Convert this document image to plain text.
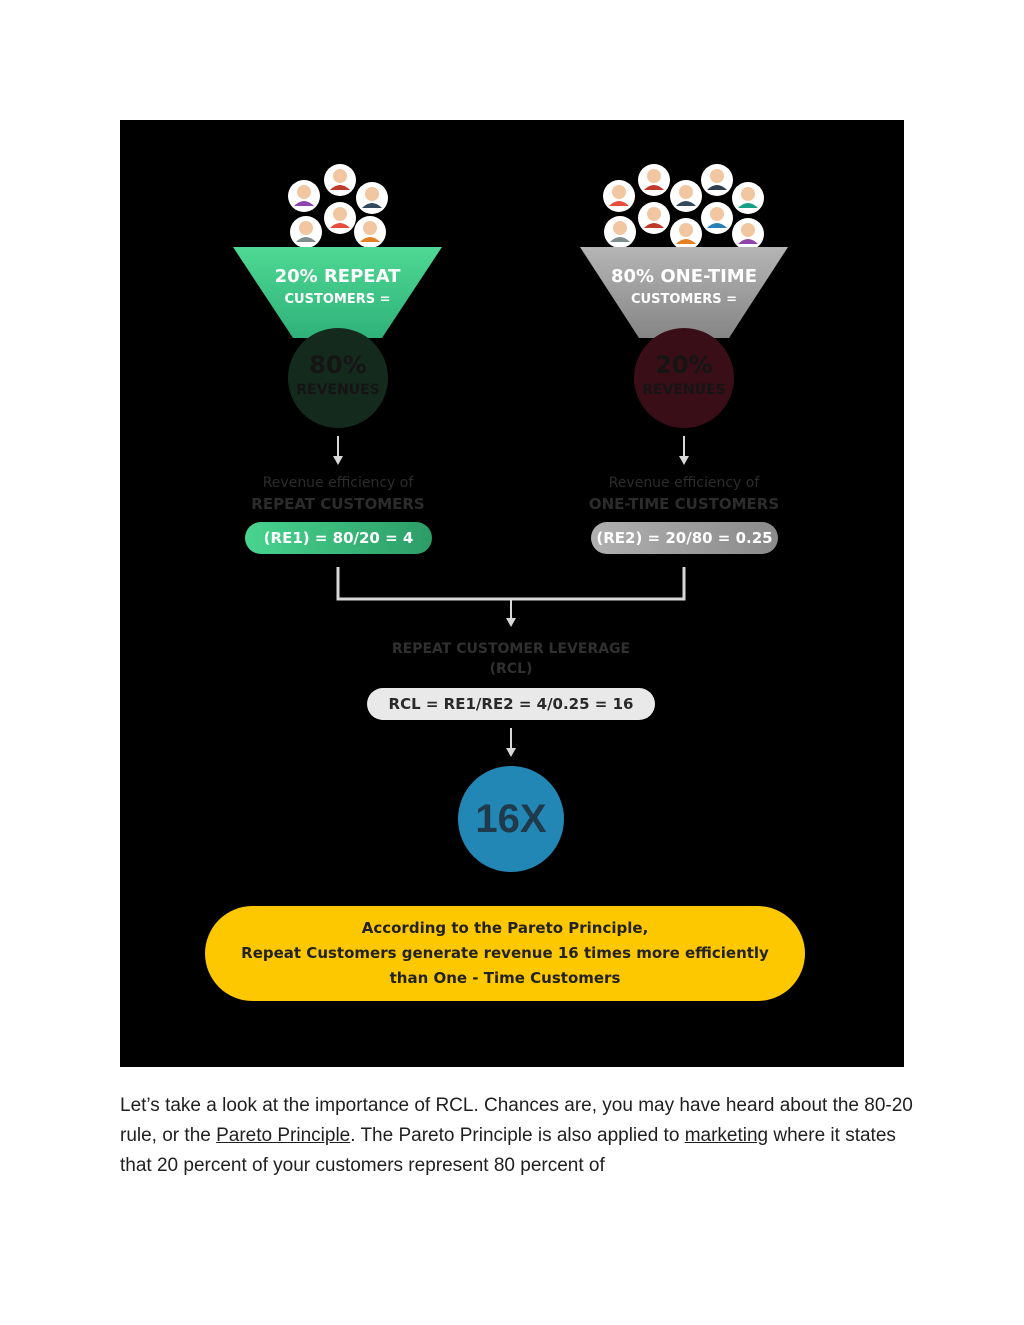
20% REPEAT
CUSTOMERS =
80%
REVENUES
Revenue efficiency of
REPEAT CUSTOMERS
(RE1) = 80/20 = 4
80% ONE-TIME
CUSTOMERS =
20%
REVENUES
Revenue efficiency of
ONE-TIME CUSTOMERS
(RE2) = 20/80 = 0.25
REPEAT CUSTOMER LEVERAGE
(RCL)
RCL = RE1/RE2 = 4/0.25 = 16
16X
According to the Pareto Principle,
Repeat Customers generate revenue 16 times more efficiently
than One - Time Customers
Let’s take a look at the importance of RCL. Chances are, you may have heard about the 80-20 rule, or the Pareto Principle. The Pareto Principle is also applied to marketing where it states that 20 percent of your customers represent 80 percent of
